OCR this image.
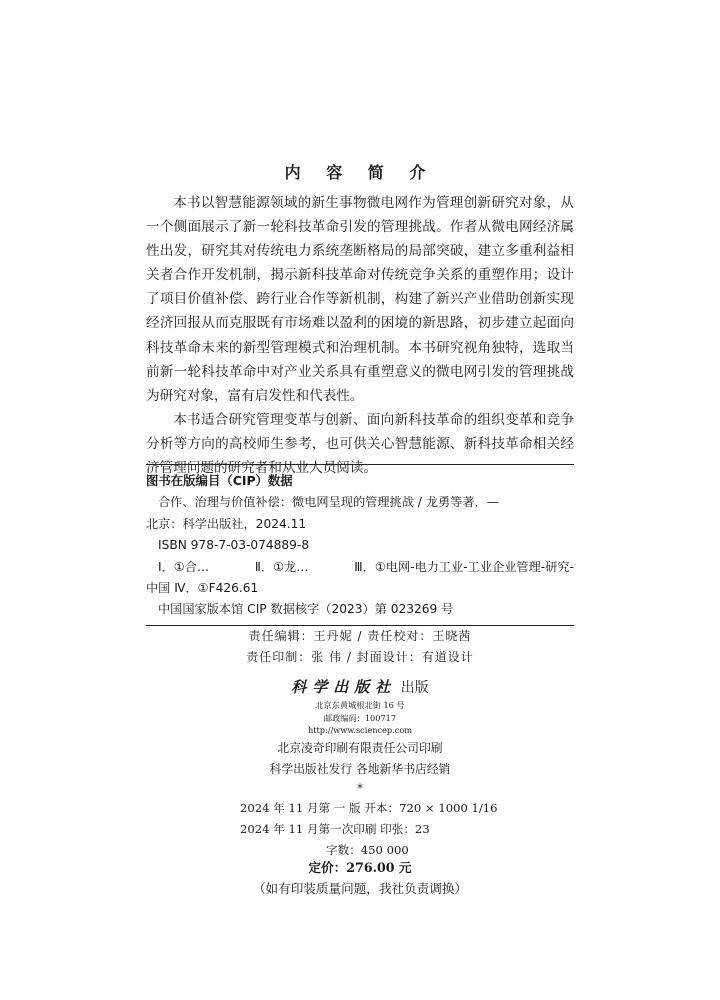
内 容 简 介

本书以智慧能源领域的新生事物微电网作为管理创新研究对象，从一个侧面展示了新一轮科技革命引发的管理挑战。作者从微电网经济属性出发，研究其对传统电力系统垄断格局的局部突破，建立多重利益相关者合作开发机制，揭示新科技革命对传统竞争关系的重塑作用；设计了项目价值补偿、跨行业合作等新机制，构建了新兴产业借助创新实现经济回报从而克服既有市场难以盈利的困境的新思路，初步建立起面向科技革命未来的新型管理模式和治理机制。本书研究视角独特，选取当前新一轮科技革命中对产业关系具有重塑意义的微电网引发的管理挑战为研究对象，富有启发性和代表性。

本书适合研究管理变革与创新、面向新科技革命的组织变革和竞争分析等方向的高校师生参考，也可供关心智慧能源、新科技革命相关经济管理问题的研究者和从业人员阅读。

图书在版编目（CIP）数据
合作、治理与价值补偿：微电网呈现的管理挑战 / 龙勇等著．—
北京：科学出版社，2024.11
ISBN 978-7-03-074889-8
Ⅰ．①合…	Ⅱ．①龙…	Ⅲ．①电网-电力工业-工业企业管理-研究-
中国 Ⅳ．①F426.61
中国国家版本馆 CIP 数据核字（2023）第 023269 号
责任编辑：王丹妮 / 责任校对：王晓茜
责任印制：张 伟 / 封面设计：有道设计
科学出版社 出版
北京东黄城根北街 16 号
邮政编码：100717
http://www.sciencep.com
北京凌奇印刷有限责任公司印刷
科学出版社发行 各地新华书店经销
*
2024 年 11 月第 一 版 开本：720 × 1000 1/16
2024 年 11 月第一次印刷 印张：23
字数：450 000
定价：276.00 元
（如有印装质量问题，我社负责调换）
